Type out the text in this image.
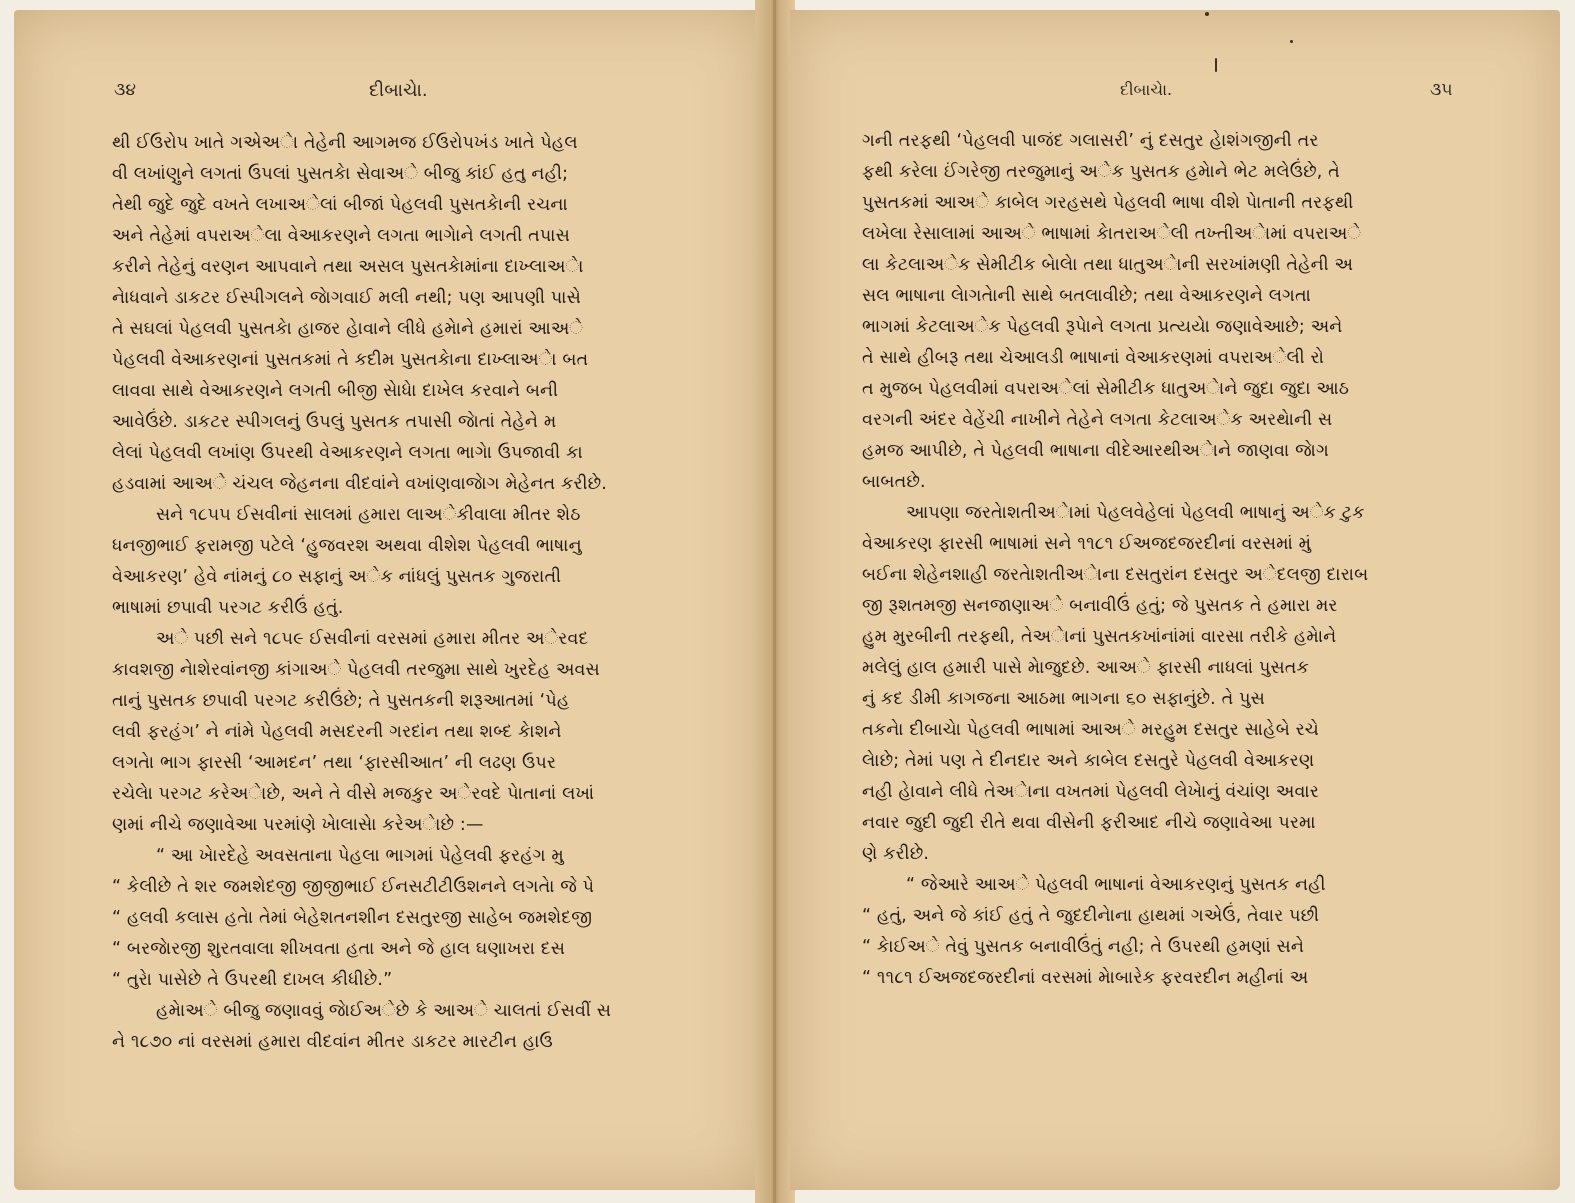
૩૪	દીબાચેા.
થી ઈઉરોપ ખાતે ગએઅેા તેહેની આગમજ ઈઉરોપખંડ ખાતે પેહલ
વી લખાંણુને લગતાં ઉપલાં પુસતકેા સેવાઅે બીજુ કાંઈ હતુ નહી;
તેથી જુદે જુદે વખતે લખાઅેલાં બીજાં પેહલવી પુસતકેાની રચના
અને તેહેમાં વપરાઅેલા વેઆકરણને લગતા ભાગેાને લગતી તપાસ
કરીને તેહેનું વરણન આપવાને તથા અસલ પુસતકેામાંના દાખ્લાઅેા
નેાધવાને ડાકટર ઈસ્પીગલને જેાગવાઈ મલી નથી; પણ આપણી પાસે
તે સઘલાં પેહલવી પુસતકેા હાજર હેાવાને લીધે હમેાને હમારાં આઅે
પેહલવી વેઆકરણનાં પુસતકમાં તે કદીમ પુસતકેાના દાખ્લાઅેા બત
લાવવા સાથે વેઆકરણને લગતી બીજી સેાધેા દાખેલ કરવાને બની
આવેઉંછે. ડાકટર સ્પીગલનું ઉપલું પુસતક તપાસી જેાતાં તેહેને મ
લેલાં પેહલવી લખાંણ ઉપરથી વેઆકરણને લગતા ભાગેા ઉપજાવી કા
હડવામાં આઅે ચંચલ જેહનના વીદવાંને વખાંણવાજેાગ મેહેનત કરીછે.
સને ૧૮૫૫ ઈસવીનાં સાલમાં હમારા લાઅેકીવાલા મીતર શેઠ
ધનજીભાઈ ફરામજી પટેલે ‘હુજવરશ અથવા વીશેશ પેહલવી ભાષાનુ
વેઆકરણ’ હેવે નાંમનું ૮૦ સફાનું અેક નાંધલું પુસતક ગુજરાતી
ભાષામાં છપાવી પરગટ કરીઉં હતું.
અે પછી સને ૧૮૫૯ ઈસવીનાં વરસમાં હમારા મીતર અેરવદ
કાવશજી નેાશેરવાંનજી કાંગાઅે પેહલવી તરજુમા સાથે ખુરદેહ અવસ
તાનું પુસતક છપાવી પરગટ કરીઉંછે; તે પુસતકની શરૂઆતમાં ‘પેહ
લવી ફરહંગ’ ને નાંમે પેહલવી મસદરની ગરદાંન તથા શબ્દ કેાશને
લગતેા ભાગ ફારસી ‘આમદન’ તથા ‘ફારસીઆત’ ની લઢણ ઉપર
રચેલેા પરગટ કરેઅેાછે, અને તે વીસે મજકુર અેરવદે પેાતાનાં લખાં
ણમાં નીચે જણાવેઆ પરમાંણે ખેાલાસેા કરેઅેાછે :—
“ આ ખેારદેહે અવસતાના પેહલા ભાગમાં પેહેલવી ફરહંગ મુ
“ કેલીછે તે શર જમશેદજી જીજીભાઈ ઈનસટીટીઉશનને લગતેા જે પે
“ હલવી કલાસ હતેા તેમાં બેહેશતનશીન દસતુરજી સાહેબ જમશેદજી
“ બરજેારજી શુરતવાલા શીખવતા હતા અને જે હાલ ઘણાખરા દસ
“ તુરેા પાસેછે તે ઉપરથી દાખલ કીધીછે.”
હમેાઅે બીજુ જણાવવું જેાઈઅેછે કે આઅે ચાલતાં ઈસવીં સ
ને ૧૮૭૦ નાં વરસમાં હમારા વીદવાંન મીતર ડાકટર મારટીન હાઉ
દીબાચેા.	૩૫
ગની તરફથી ‘પેહલવી પાજંદ ગલાસરી’ નું દસતુર હેાશંગજીની તર
ફથી કરેલા ઈંગરેજી તરજુમાનું અેક પુસતક હમેાને ભેટ મલેઉંછે, તે
પુસતકમાં આઅે કાબેલ ગરહસથે પેહલવી ભાષા વીશે પેાતાની તરફથી
લખેલા રેસાલામાં આઅે ભાષામાં કેાતરાઅેલી તખ્તીઅેામાં વપરાઅે
લા કેટલાઅેક સેમીટીક બેાલેા તથા ધાતુઅેાની સરખાંમણી તેહેની અ
સલ ભાષાના લેાગતેાની સાથે બતલાવીછે; તથા વેઆકરણને લગતા
ભાગમાં કેટલાઅેક પેહલવી રૂપેાને લગતા પ્રત્યયેા જણાવેઆછે; અને
તે સાથે હીબરૂ તથા ચેઆલડી ભાષાનાં વેઆકરણમાં વપરાઅેલી રો
ત મુજબ પેહલવીમાં વપરાઅેલાં સેમીટીક ધાતુઅેાને જુદા જુદા આઠ
વરગની અંદર વેહેંચી નાખીને તેહેને લગતા કેટલાઅેક અરથેાની સ
હમજ આપીછે, તે પેહલવી ભાષાના વીદેઆરથીઅેાને જાણવા જેાગ
બાબતછે.
આપણા જરતેાશતીઅેામાં પેહલવેહેલાં પેહલવી ભાષાનું અેક ટુક
વેઆકરણ ફારસી ભાષામાં સને ૧૧૮૧ ઈઅજદજરદીનાં વરસમાં મું
બઈના શેહેનશાહી જરતેાશતીઅેાના દસતુરાંન દસતુર અેદલજી દારાબ
જી રૂશતમજી સનજાણાઅે બનાવીઉં હતું; જે પુસતક તે હમારા મર
હુમ મુરબીની તરફથી, તેઅેાનાં પુસતકખાંનાંમાં વારસા તરીકે હમેાને
મલેલું હાલ હમારી પાસે મેાજુદછે. આઅે ફારસી નાધલાં પુસતક
નું કદ ડીમી કાગજના આઠમા ભાગના ૬૦ સફાનુંછે. તે પુસ
તકનેા દીબાચેા પેહલવી ભાષામાં આઅે મરહુમ દસતુર સાહેબે રચે
લેાછે; તેમાં પણ તે દીનદાર અને કાબેલ દસતુરે પેહલવી વેઆકરણ
નહી હેાવાને લીધે તેઅેાના વખતમાં પેહલવી લેખેાનું વંચાંણ અવાર
નવાર જુદી જુદી રીતે થવા વીસેની ફરીઆદ નીચે જણાવેઆ પરમા
ણે કરીછે.
“ જેઆરે આઅે પેહલવી ભાષાનાં વેઆકરણનું પુસતક નહી
“ હતું, અને જે કાંઈ હતું તે જુદદીનેાના હાથમાં ગએઉં, તેવાર પછી
“ કેાઈઅે તેવું પુસતક બનાવીઉંતું નહી; તે ઉપરથી હમણાં સને
“ ૧૧૮૧ ઈઅજદજરદીનાં વરસમાં મેાબારેક ફરવરદીન મહીનાં અ
